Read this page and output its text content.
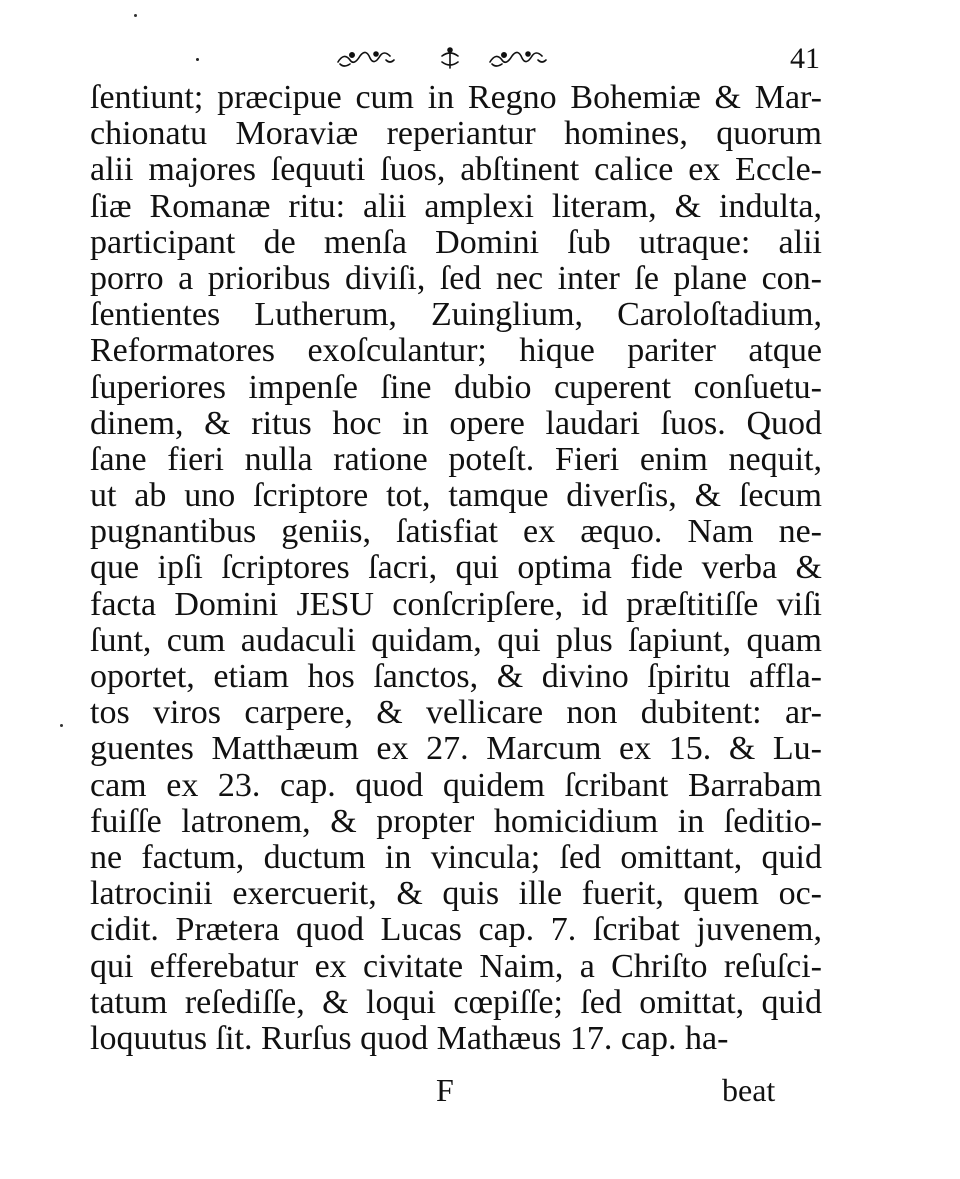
41
ſentiunt; præcipue cum in Regno Bohemiæ & Mar-
chionatu Moraviæ reperiantur homines, quorum
alii majores ſequuti ſuos, abſtinent calice ex Eccle-
ſiæ Romanæ ritu: alii amplexi literam, & indulta,
participant de menſa Domini ſub utraque: alii
porro a prioribus diviſi, ſed nec inter ſe plane con-
ſentientes Lutherum, Zuinglium, Caroloſtadium,
Reformatores exoſculantur; hique pariter atque
ſuperiores impenſe ſine dubio cuperent conſuetu-
dinem, & ritus hoc in opere laudari ſuos. Quod
ſane fieri nulla ratione poteſt. Fieri enim nequit,
ut ab uno ſcriptore tot, tamque diverſis, & ſecum
pugnantibus geniis, ſatisfiat ex æquo. Nam ne-
que ipſi ſcriptores ſacri, qui optima fide verba &
facta Domini JESU conſcripſere, id præſtitiſſe viſi
ſunt, cum audaculi quidam, qui plus ſapiunt, quam
oportet, etiam hos ſanctos, & divino ſpiritu affla-
tos viros carpere, & vellicare non dubitent: ar-
guentes Matthæum ex 27. Marcum ex 15. & Lu-
cam ex 23. cap. quod quidem ſcribant Barrabam
fuiſſe latronem, & propter homicidium in ſeditio-
ne factum, ductum in vincula; ſed omittant, quid
latrocinii exercuerit, & quis ille fuerit, quem oc-
cidit. Prætera quod Lucas cap. 7. ſcribat juvenem,
qui efferebatur ex civitate Naim, a Chriſto reſuſci-
tatum reſediſſe, & loqui cœpiſſe; ſed omittat, quid
loquutus ſit. Rurſus quod Mathæus 17. cap. ha-
F	beat
